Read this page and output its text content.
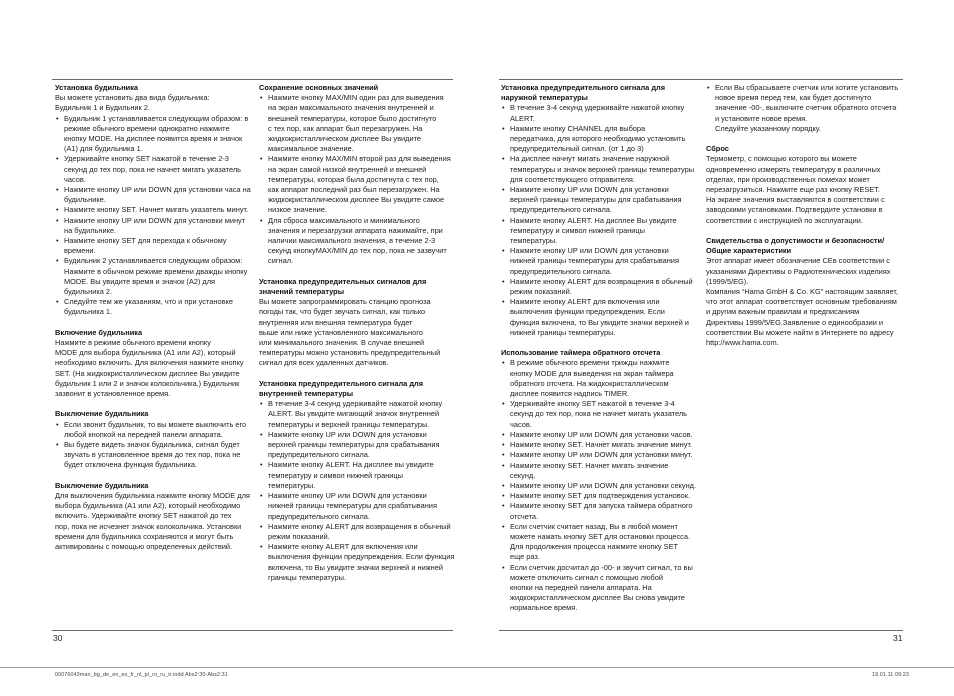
Установка будильника
Вы можете установить два вида будильника:
Будильник 1 и Будильник 2.
• Будильник 1 устанавливается следующим образом: в
режиме обычного времени однократно нажмите
кнопку MODE. На дисплее появится время и значок
(A1) для будильника 1.
• Удерживайте кнопку SET нажатой в течение 2-3
секунд до тех пор, пока не начнет мигать указатель
часов.
• Нажмите кнопку UP или DOWN для установки часа на
будильнике.
• Нажмите кнопку SET. Начнет мигать указатель минут.
• Нажмите кнопку UP или DOWN для установки минут
на будильнике.
• Нажмите кнопку SET для перехода к обычному
времени.
• Будильник 2 устанавливается следующим образом:
Нажмите в обычном режиме времени дважды кнопку
MODE. Вы увидите время и значок (A2) для
будильника 2.
• Следуйте тем же указаниям, что и при установке
будильника 1.
Включение будильника
Нажмите в режиме обычного времени кнопку
MODE для выбора будильника (A1 или A2), который
необходимо включить. Для включения нажмите кнопку
SET. (На жидкокристаллическом дисплее Вы увидите
будильник 1 или 2 и значок колокольчика.) Будильник
зазвонит в установленное время.
Выключение будильника
• Если звонит будильник, то вы можете выключить его
любой кнопкой на передней панели аппарата.
• Вы будете видеть значок будильника, сигнал будет
звучать в установленное время до тех пор, пока не
будет отключена функция будильника.
Выключение будильника
Для выключения будильника нажмите кнопку MODE для
выбора будильника (A1 или A2), который необходимо
включить. Удерживайте кнопку SET нажатой до тех
пор, пока не исчезнет значок колокольчика. Установки
времени для будильника сохраняются и могут быть
активированы с помощью определенных действий.
Сохранение основных значений
• Нажмите кнопку MAX/MIN один раз для выведения
на экран максимального значения внутренней и
внешней температуры, которое было достигнуто
с тех пор, как аппарат был перезагружен. На
жидкокристаллическом дисплее Вы увидите
максимальное значение.
• Нажмите кнопку MAX/MIN второй раз для выведения
на экран самой низкой внутренней и внешней
температуры, которая была достигнута с тех пор,
как аппарат последний раз был перезагружен. На
жидкокристаллическом дисплее Вы увидите самое
низкое значение.
• Для сброса максимального и минимального
значения и перезагрузки аппарата нажимайте, при
наличии максимального значения, в течение 2-3
секунд кнопкуMAX/MIN до тех пор, пока не зазвучит
сигнал.
Установка предупредительных сигналов для
значений температуры
Вы можете запрограммировать станцию прогноза
погоды так, что будет звучать сигнал, как только
внутренняя или внешняя температура будет
выше или ниже установленного максимального
или минимального значения. В случае внешней
температуры можно установить предупредительный
сигнал для всех удаленных датчиков.
Установка предупредительного сигнала для
внутренней температуры
• В течение 3-4 секунд удерживайте нажатой кнопку
ALERT. Вы увидите мигающий значок внутренней
температуры и верхней границы температуры.
• Нажмите кнопку UP или DOWN для установки
верхней границы температуры для срабатывания
предупредительного сигнала.
• Нажмите кнопку ALERT. На дисплее вы увидите
температуру и символ нижней границы
температуры.
• Нажмите кнопку UP или DOWN для установки
нижней границы температуры для срабатывания
предупредительного сигнала.
• Нажмите кнопку ALERT для возвращения в обычный
режим показаний.
• Нажмите кнопку ALERT для включения или
выключения функции предупреждения. Если функция
включена, то Вы увидите значки верхней и нижней
границы температуры.
Установка предупредительного сигнала для
наружной температуры
• В течение 3-4 секунд удерживайте нажатой кнопку
ALERT.
• Нажмите кнопку CHANNEL для выбора
передатчика, для которого необходимо установить
предупредительный сигнал. (от 1 до 3)
• На дисплее начнут мигать значение наружной
температуры и значок верхней границы температуры
для соответствующего отправителя.
• Нажмите кнопку UP или DOWN для установки
верхней границы температуры для срабатывания
предупредительного сигнала.
• Нажмите кнопку ALERT. На дисплее Вы увидите
температуру и символ нижней границы
температуры.
• Нажмите кнопку UP или DOWN для установки
нижней границы температуры для срабатывания
предупредительного сигнала.
• Нажмите кнопку ALERT для возвращения в обычный
режим показаний.
• Нажмите кнопку ALERT для включения или
выключения функции предупреждения. Если
функция включена, то Вы увидите значки верхней и
нижней границы температуры.
Использование таймера обратного отсчета
• В режиме обычного времени трижды нажмите
кнопку MODE для выведения на экран таймера
обратного отсчета. На жидкокристаллическом
дисплее появится надпись TIMER.
• Удерживайте кнопку SET нажатой в течение 3-4
секунд до тех пор, пока не начнет мигать указатель
часов.
• Нажмите кнопку UP или DOWN для установки часов.
• Нажмите кнопку SET. Начнет мигать значение минут.
• Нажмите кнопку UP или DOWN для установки минут.
• Нажмите кнопку SET. Начнет мигать значение
секунд.
• Нажмите кнопку UP или DOWN для установки секунд.
• Нажмите кнопку SET для подтверждения установок.
• Нажмите кнопку SET для запуска таймера обратного
отсчета.
• Если счетчик считает назад, Вы в любой момент
можете нажать кнопку SET для остановки процесса.
Для продолжения процесса нажмите кнопку SET
еще раз.
• Если счетчик досчитал до -00- и звучит сигнал, то вы
можете отключить сигнал с помощью любой
кнопки на передней панели аппарата. На
жидкокристаллическом дисплее Вы снова увидите
нормальное время.
• Если Вы сбрасываете счетчик или хотите установить
новое время перед тем, как будет достигнуто
значение -00-, выключите счетчик обратного отсчета
и установите новое время.
Следуйте указанному порядку.
Сброс
Термометр, с помощью которого вы можете
одновременно измерять температуру в различных
отделах, при производственных помехах может
перезагрузиться. Нажмите еще раз кнопку RESET.
На экране значения выставляются в соответствии с
заводскими установками. Подтвердите установки в
соответствии с инструкцией по эксплуатации.
Свидетельства о допустимости и безопасности/
Общие характеристики
Этот аппарат имеет обозначение CEв соответствии с
указаниями Директивы о Радиотехнических изделиях
(1999/5/EG).
Компания “Hama GmbH & Co. KG” настоящим заявляет,
что этот аппарат соответствует основным требованиям
и другим важным правилам и предписаниям
Директивы 1999/5/EG.Заявление о единообразии и
соответствии Вы можете найти в Интернете по адресу
http://www.hama.com.
30	31
00076043man_bg_de_en_es_fr_nl_pl_ro_ru_tr.indd Abs2:30-Abs2:31	19.01.11 09:23
